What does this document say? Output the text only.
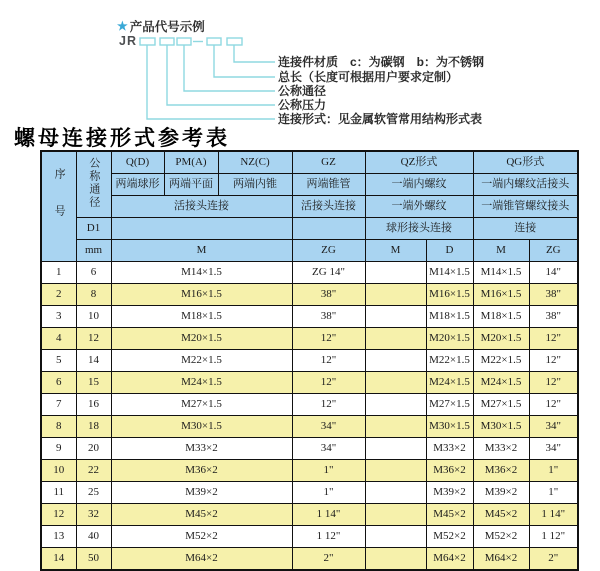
★ 产品代号示例
JR
连接件材质　c：为碳钢　b：为不锈钢
总长（长度可根据用户要求定制）
公称通径
公称压力
连接形式：见金属软管常用结构形式表
螺母连接形式参考表
序号	公称通径	Q(D)	PM(A)	NZ(C)	GZ	QZ形式		QG形式	
		两端球形	两端平面	两端内锥	两端锥管	一端内螺纹		一端内螺纹活接头	
		活接头连接			活接头连接	一端外螺纹		一端锥管螺纹接头	
	D1					球形接头连接		连接	
	mm	M			ZG	M	D	M	ZG
1	6	M14×1.5			ZG 14"		M14×1.5	M14×1.5	14"
2	8	M16×1.5			38"		M16×1.5	M16×1.5	38"
3	10	M18×1.5			38"		M18×1.5	M18×1.5	38"
4	12	M20×1.5			12"		M20×1.5	M20×1.5	12"
5	14	M22×1.5			12"		M22×1.5	M22×1.5	12"
6	15	M24×1.5			12"		M24×1.5	M24×1.5	12"
7	16	M27×1.5			12"		M27×1.5	M27×1.5	12"
8	18	M30×1.5			34"		M30×1.5	M30×1.5	34"
9	20	M33×2			34"		M33×2	M33×2	34"
10	22	M36×2			1"		M36×2	M36×2	1"
11	25	M39×2			1"		M39×2	M39×2	1"
12	32	M45×2			1 14"		M45×2	M45×2	1 14"
13	40	M52×2			1 12"		M52×2	M52×2	1 12"
14	50	M64×2			2"		M64×2	M64×2	2"
